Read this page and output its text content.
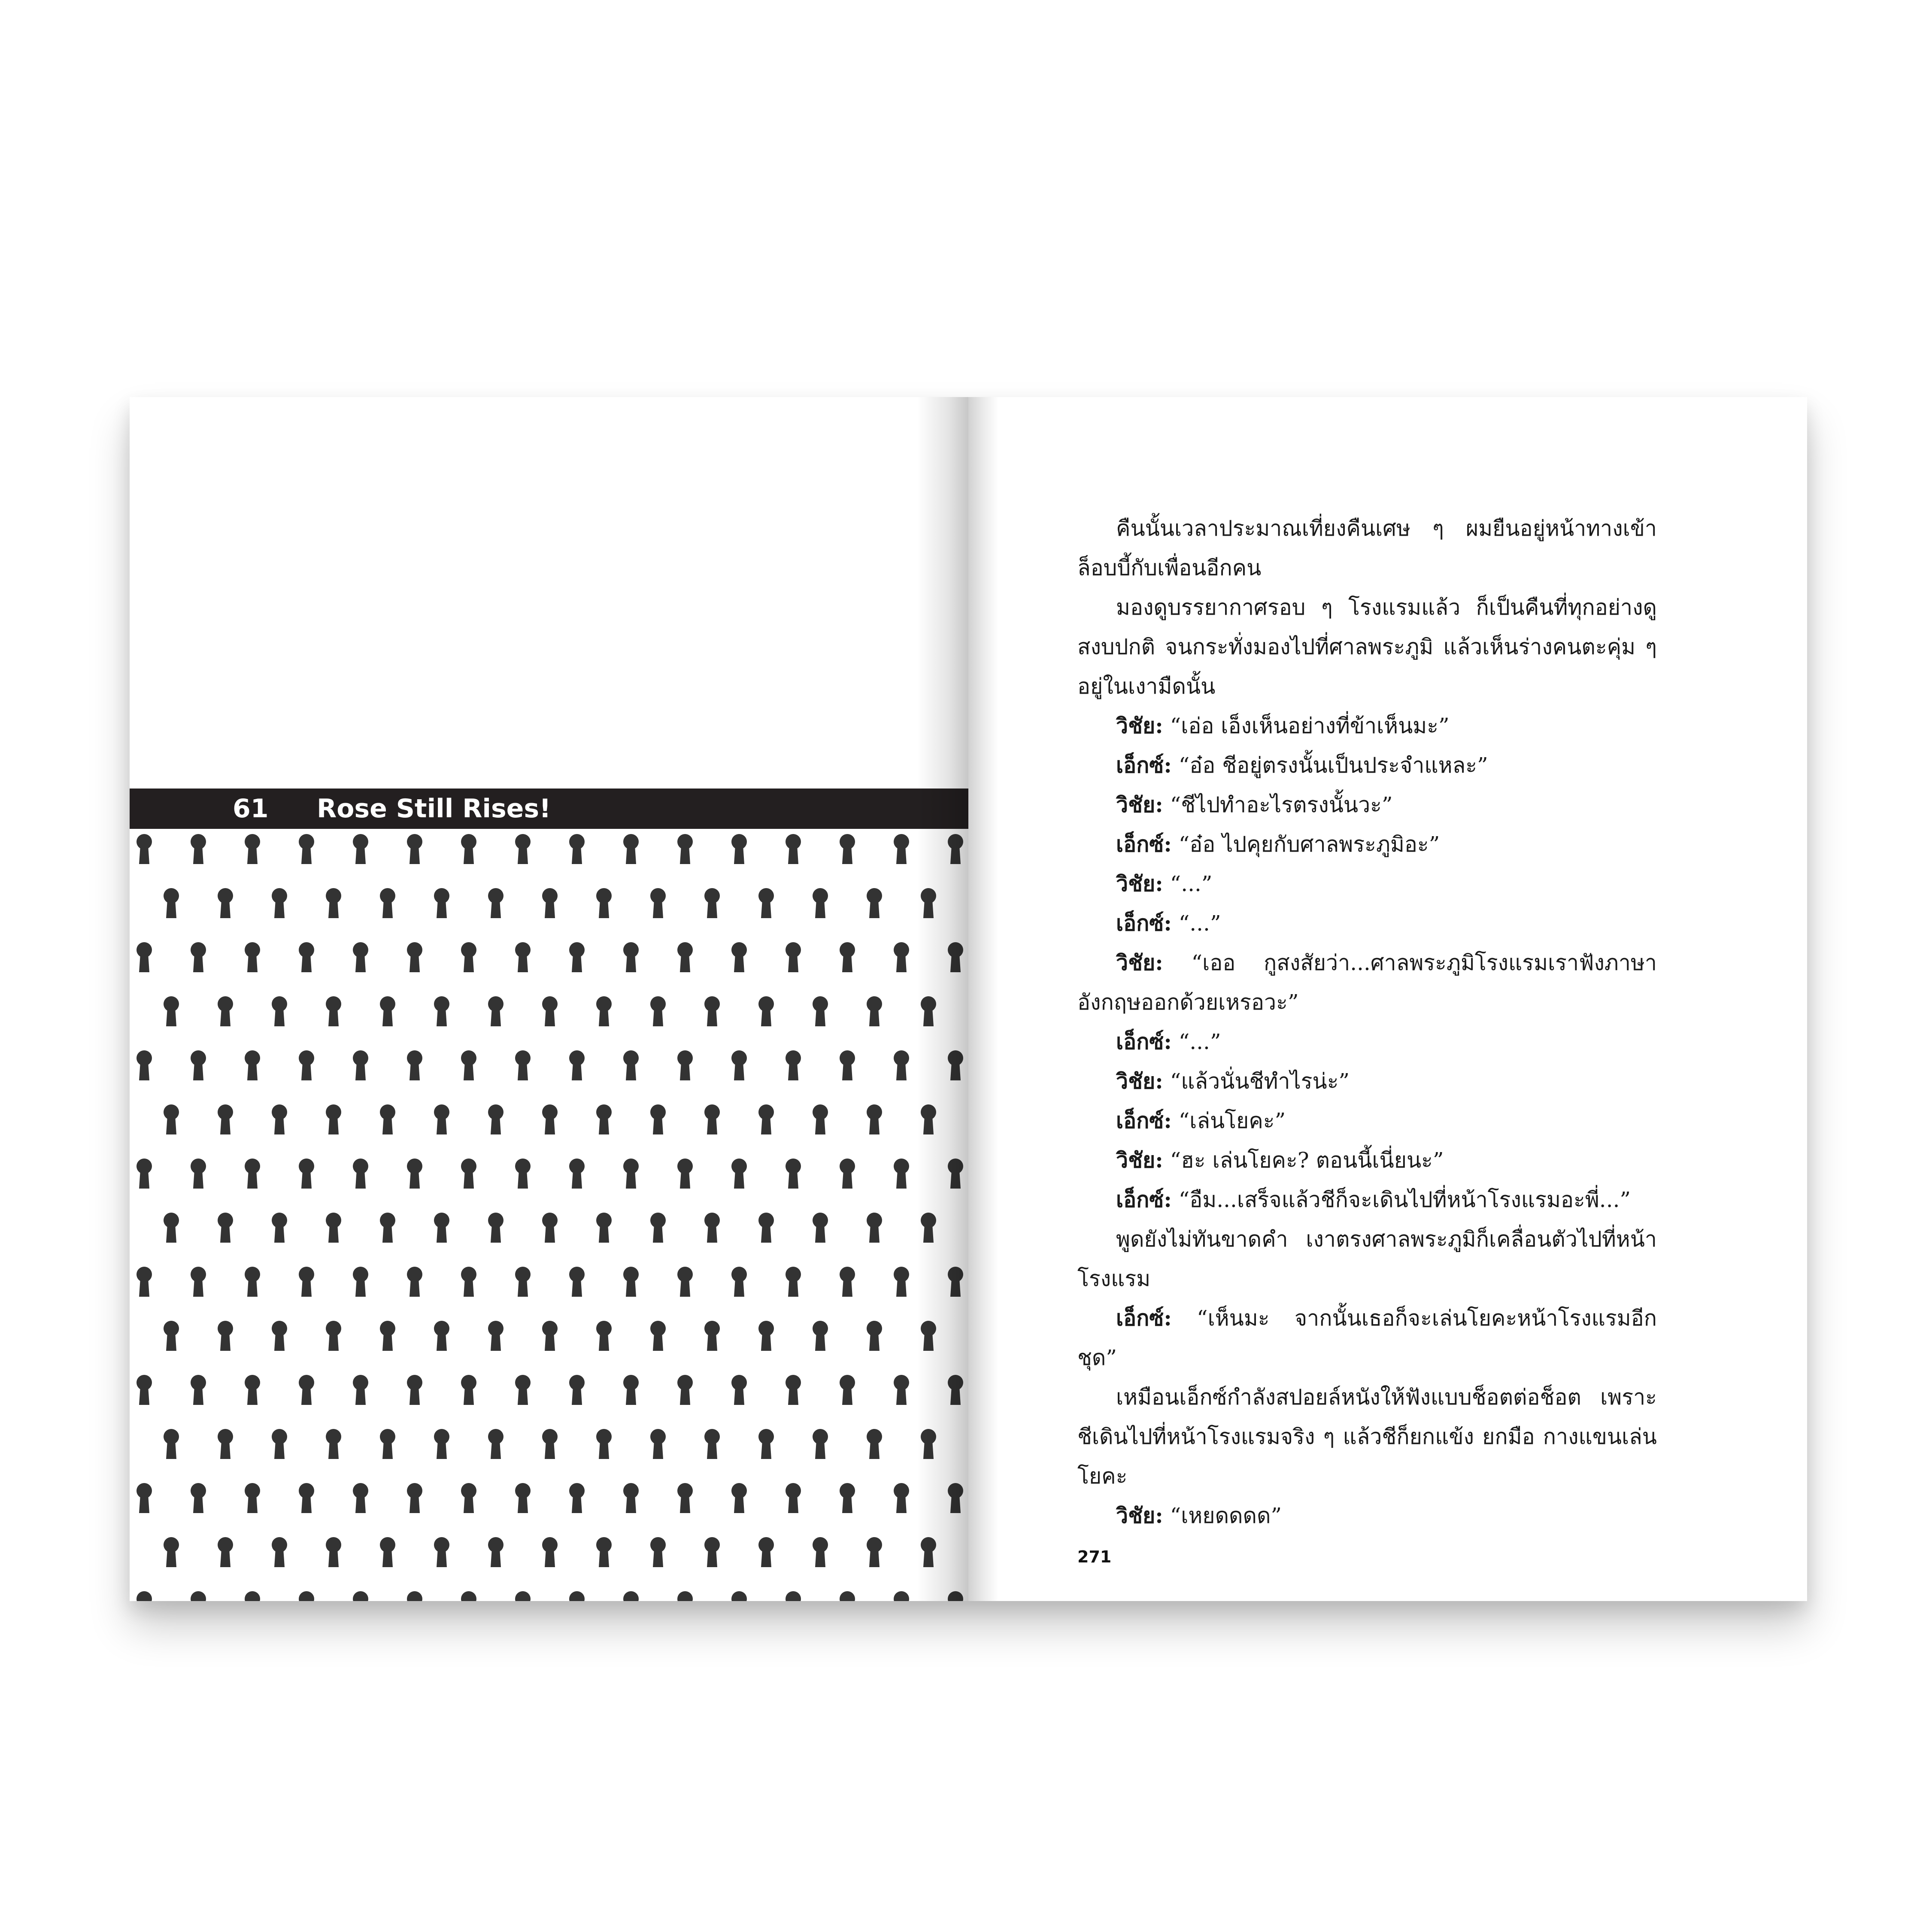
61 Rose Still Rises!

คืนนั้นเวลาประมาณเที่ยงคืนเศษ ๆ ผมยืนอยู่หน้าทางเข้าล็อบบี้กับเพื่อนอีกคน

มองดูบรรยากาศรอบ ๆ โรงแรมแล้ว ก็เป็นคืนที่ทุกอย่างดูสงบปกติ จนกระทั่งมองไปที่ศาลพระภูมิ แล้วเห็นร่างคนตะคุ่ม ๆ อยู่ในเงามืดนั้น

วิชัย: “เอ่อ เอ็งเห็นอย่างที่ข้าเห็นมะ”

เอ็กซ์: “อ๋อ ชีอยู่ตรงนั้นเป็นประจำแหละ”

วิชัย: “ชีไปทำอะไรตรงนั้นวะ”

เอ็กซ์: “อ๋อ ไปคุยกับศาลพระภูมิอะ”

วิชัย: “...”

เอ็กซ์: “...”

วิชัย: “เออ กูสงสัยว่า...ศาลพระภูมิโรงแรมเราฟังภาษาอังกฤษออกด้วยเหรอวะ”

เอ็กซ์: “...”

วิชัย: “แล้วนั่นชีทำไรน่ะ”

เอ็กซ์: “เล่นโยคะ”

วิชัย: “ฮะ เล่นโยคะ? ตอนนี้เนี่ยนะ”

เอ็กซ์: “อืม...เสร็จแล้วชีก็จะเดินไปที่หน้าโรงแรมอะพี่...”

พูดยังไม่ทันขาดคำ เงาตรงศาลพระภูมิก็เคลื่อนตัวไปที่หน้าโรงแรม

เอ็กซ์: “เห็นมะ จากนั้นเธอก็จะเล่นโยคะหน้าโรงแรมอีกชุด”

เหมือนเอ็กซ์กำลังสปอยล์หนังให้ฟังแบบช็อตต่อช็อต เพราะชีเดินไปที่หน้าโรงแรมจริง ๆ แล้วชีก็ยกแข้ง ยกมือ กางแขนเล่นโยคะ

วิชัย: “เหยดดดด”

271
